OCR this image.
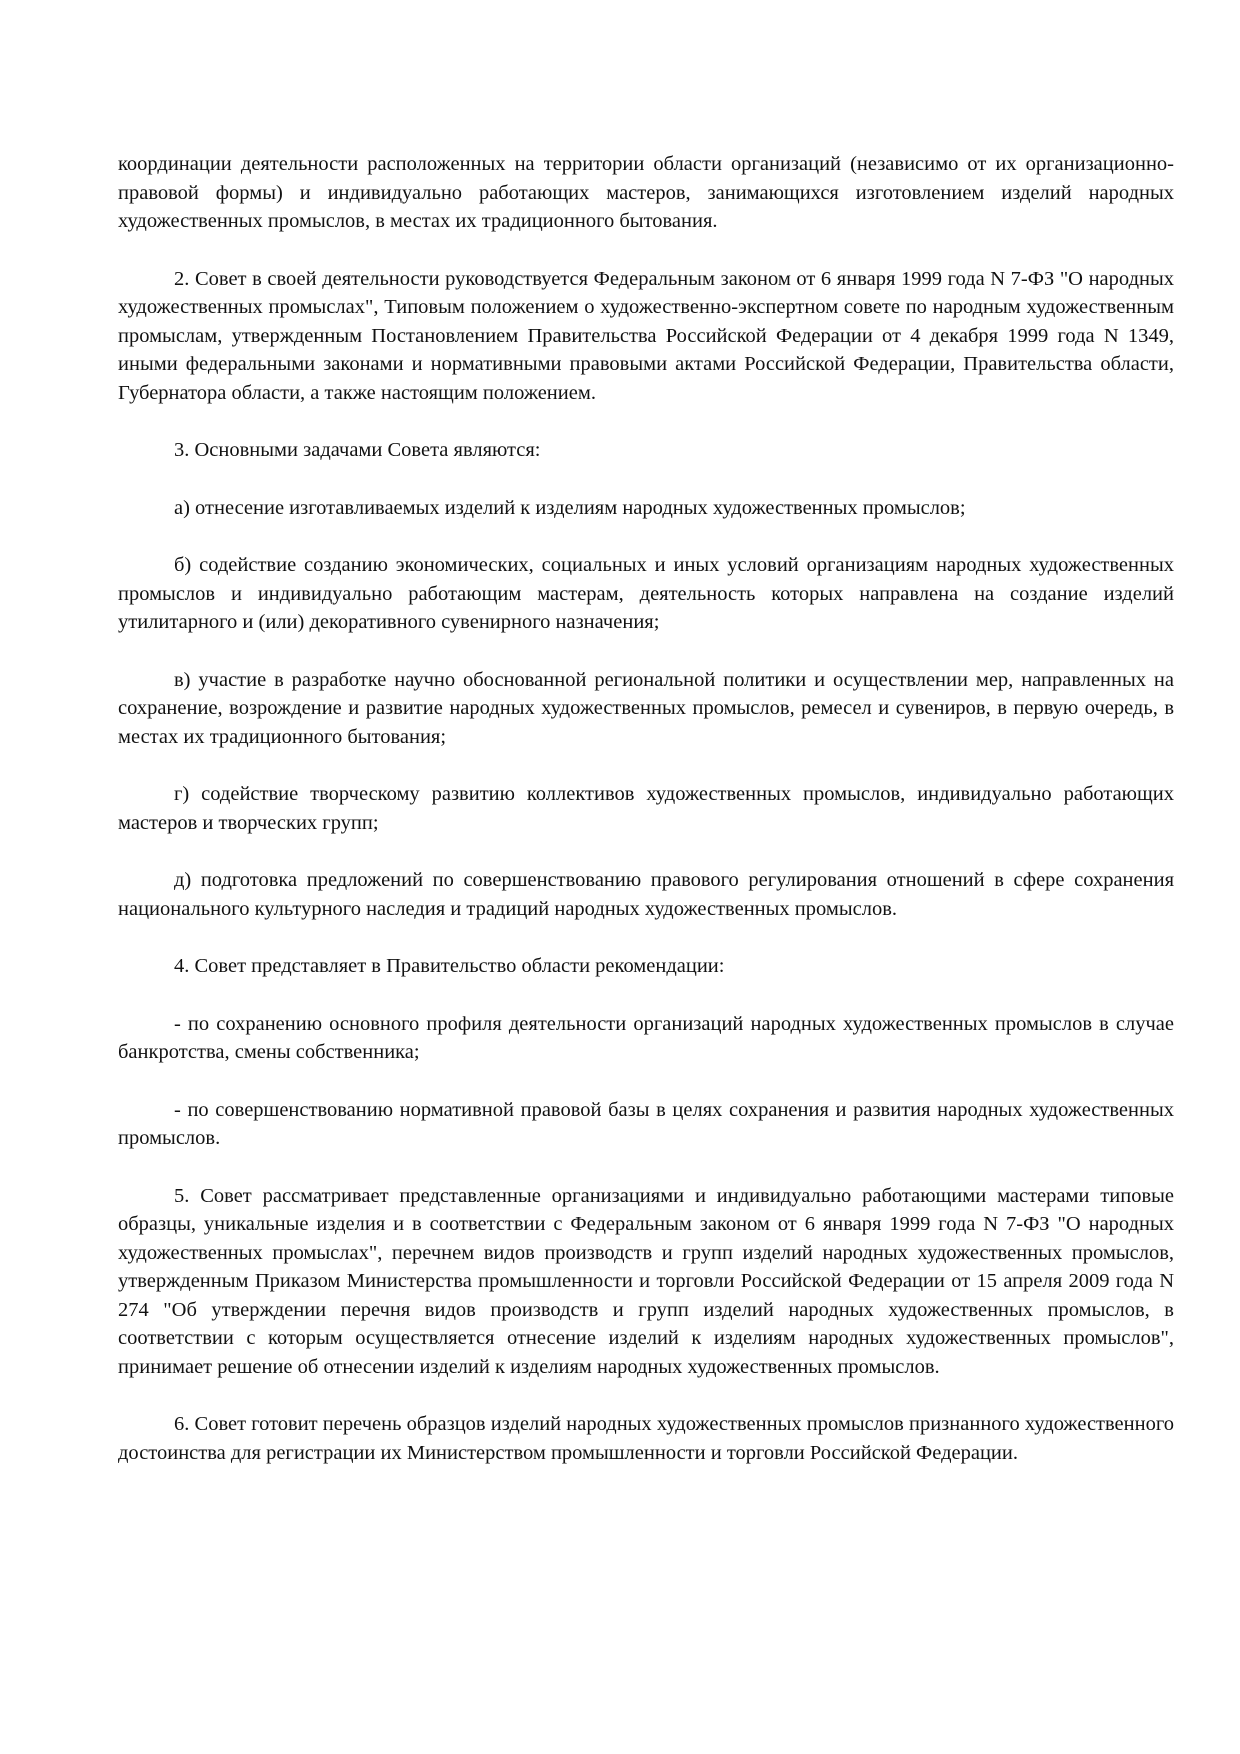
координации деятельности расположенных на территории области организаций (независимо от их организационно-правовой формы) и индивидуально работающих мастеров, занимающихся изготовлением изделий народных художественных промыслов, в местах их традиционного бытования.

2. Совет в своей деятельности руководствуется Федеральным законом от 6 января 1999 года N 7-ФЗ "О народных художественных промыслах", Типовым положением о художественно-экспертном совете по народным художественным промыслам, утвержденным Постановлением Правительства Российской Федерации от 4 декабря 1999 года N 1349, иными федеральными законами и нормативными правовыми актами Российской Федерации, Правительства области, Губернатора области, а также настоящим положением.

3. Основными задачами Совета являются:

а) отнесение изготавливаемых изделий к изделиям народных художественных промыслов;

б) содействие созданию экономических, социальных и иных условий организациям народных художественных промыслов и индивидуально работающим мастерам, деятельность которых направлена на создание изделий утилитарного и (или) декоративного сувенирного назначения;

в) участие в разработке научно обоснованной региональной политики и осуществлении мер, направленных на сохранение, возрождение и развитие народных художественных промыслов, ремесел и сувениров, в первую очередь, в местах их традиционного бытования;

г) содействие творческому развитию коллективов художественных промыслов, индивидуально работающих мастеров и творческих групп;

д) подготовка предложений по совершенствованию правового регулирования отношений в сфере сохранения национального культурного наследия и традиций народных художественных промыслов.

4. Совет представляет в Правительство области рекомендации:

- по сохранению основного профиля деятельности организаций народных художественных промыслов в случае банкротства, смены собственника;

- по совершенствованию нормативной правовой базы в целях сохранения и развития народных художественных промыслов.

5. Совет рассматривает представленные организациями и индивидуально работающими мастерами типовые образцы, уникальные изделия и в соответствии с Федеральным законом от 6 января 1999 года N 7-ФЗ "О народных художественных промыслах", перечнем видов производств и групп изделий народных художественных промыслов, утвержденным Приказом Министерства промышленности и торговли Российской Федерации от 15 апреля 2009 года N 274 "Об утверждении перечня видов производств и групп изделий народных художественных промыслов, в соответствии с которым осуществляется отнесение изделий к изделиям народных художественных промыслов", принимает решение об отнесении изделий к изделиям народных художественных промыслов.

6. Совет готовит перечень образцов изделий народных художественных промыслов признанного художественного достоинства для регистрации их Министерством промышленности и торговли Российской Федерации.
